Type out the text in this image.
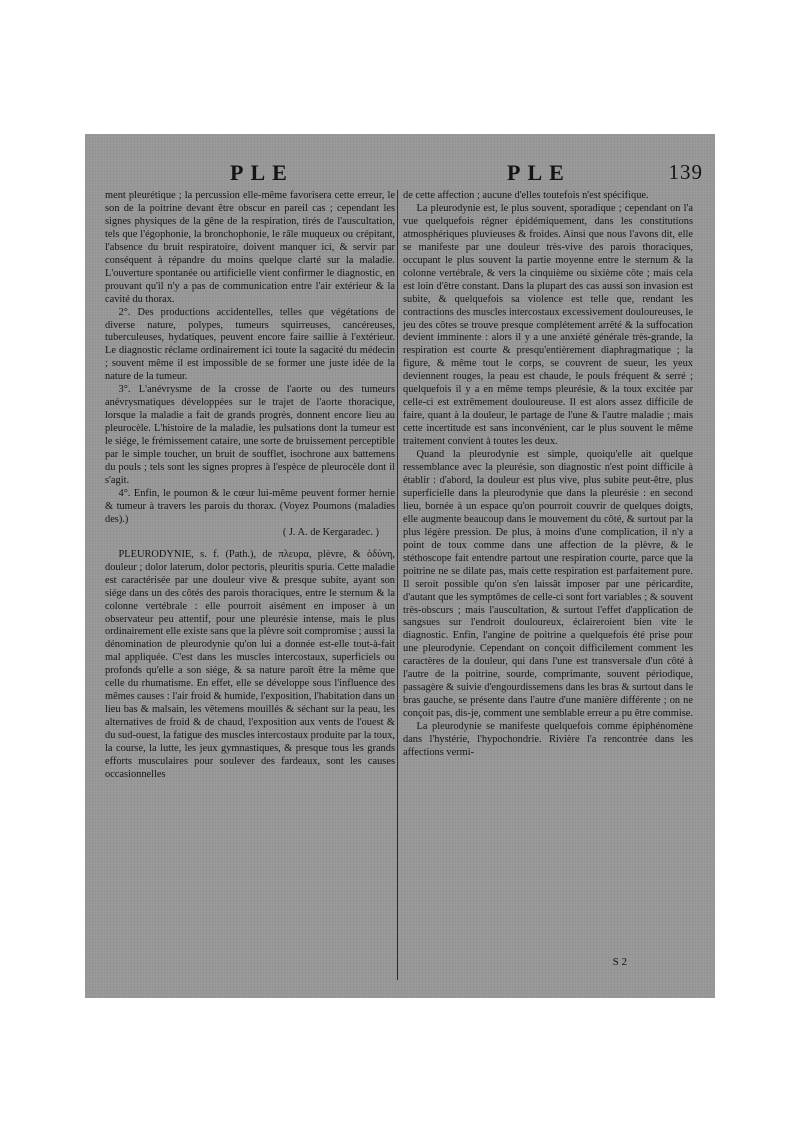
PLE	PLE	139

ment pleurétique ; la percussion elle-même favorisera cette erreur, le son de la poitrine devant être obscur en pareil cas ; cependant les signes physiques de la gêne de la respiration, tirés de l'auscultation, tels que l'égophonie, la bronchophonie, le râle muqueux ou crépitant, l'absence du bruit respiratoire, doivent manquer ici, & servir par conséquent à répandre du moins quelque clarté sur la maladie. L'ouverture spontanée ou artificielle vient confirmer le diagnostic, en prouvant qu'il n'y a pas de communication entre l'air extérieur & la cavité du thorax.

2°. Des productions accidentelles, telles que végétations de diverse nature, polypes, tumeurs squirreuses, cancéreuses, tuberculeuses, hydatiques, peuvent encore faire saillie à l'extérieur. Le diagnostic réclame ordinairement ici toute la sagacité du médecin ; souvent même il est impossible de se former une juste idée de la nature de la tumeur.

3°. L'anévrysme de la crosse de l'aorte ou des tumeurs anévrysmatiques développées sur le trajet de l'aorte thoracique, lorsque la maladie a fait de grands progrès, donnent encore lieu au pleurocèle. L'histoire de la maladie, les pulsations dont la tumeur est le siége, le frémissement cataire, une sorte de bruissement perceptible par le simple toucher, un bruit de soufflet, isochrone aux battemens du pouls ; tels sont les signes propres à l'espèce de pleurocèle dont il s'agit.

4°. Enfin, le poumon & le cœur lui-même peuvent former hernie & tumeur à travers les parois du thorax. (Voyez Poumons (maladies des).)

( J. A. de Kergaradec. )

PLEURODYNIE, s. f. (Path.), de πλευρα, plèvre, & ὀδύνη, douleur ; dolor laterum, dolor pectoris, pleuritis spuria. Cette maladie est caractérisée par une douleur vive & presque subite, ayant son siége dans un des côtés des parois thoraciques, entre le sternum & la colonne vertébrale : elle pourroit aisément en imposer à un observateur peu attentif, pour une pleurésie intense, mais le plus ordinairement elle existe sans que la plèvre soit compromise ; aussi la dénomination de pleurodynie qu'on lui a donnée est-elle tout-à-fait mal appliquée. C'est dans les muscles intercostaux, superficiels ou profonds qu'elle a son siége, & sa nature paroît être la même que celle du rhumatisme. En effet, elle se développe sous l'influence des mêmes causes : l'air froid & humide, l'exposition, l'habitation dans un lieu bas & malsain, les vêtemens mouillés & séchant sur la peau, les alternatives de froid & de chaud, l'exposition aux vents de l'ouest & du sud-ouest, la fatigue des muscles intercostaux produite par la toux, la course, la lutte, les jeux gymnastiques, & presque tous les grands efforts musculaires pour soulever des fardeaux, sont les causes occasionnelles

de cette affection ; aucune d'elles toutefois n'est spécifique.

La pleurodynie est, le plus souvent, sporadique ; cependant on l'a vue quelquefois régner épidémiquement, dans les constitutions atmosphériques pluvieuses & froides. Ainsi que nous l'avons dit, elle se manifeste par une douleur très-vive des parois thoraciques, occupant le plus souvent la partie moyenne entre le sternum & la colonne vertébrale, & vers la cinquième ou sixième côte ; mais cela est loin d'être constant. Dans la plupart des cas aussi son invasion est subite, & quelquefois sa violence est telle que, rendant les contractions des muscles intercostaux excessivement douloureuses, le jeu des côtes se trouve presque complétement arrêté & la suffocation devient imminente : alors il y a une anxiété générale très-grande, la respiration est courte & presqu'entièrement diaphragmatique ; la figure, & même tout le corps, se couvrent de sueur, les yeux deviennent rouges, la peau est chaude, le pouls fréquent & serré ; quelquefois il y a en même temps pleurésie, & la toux excitée par celle-ci est extrêmement douloureuse. Il est alors assez difficile de faire, quant à la douleur, le partage de l'une & l'autre maladie ; mais cette incertitude est sans inconvénient, car le plus souvent le même traitement convient à toutes les deux.

Quand la pleurodynie est simple, quoiqu'elle ait quelque ressemblance avec la pleurésie, son diagnostic n'est point difficile à établir : d'abord, la douleur est plus vive, plus subite peut-être, plus superficielle dans la pleurodynie que dans la pleurésie : en second lieu, bornée à un espace qu'on pourroit couvrir de quelques doigts, elle augmente beaucoup dans le mouvement du côté, & surtout par la plus légère pression. De plus, à moins d'une complication, il n'y a point de toux comme dans une affection de la plèvre, & le stéthoscope fait entendre partout une respiration courte, parce que la poitrine ne se dilate pas, mais cette respiration est parfaitement pure. Il seroit possible qu'on s'en laissât imposer par une péricardite, d'autant que les symptômes de celle-ci sont fort variables ; & souvent très-obscurs ; mais l'auscultation, & surtout l'effet d'application de sangsues sur l'endroit douloureux, éclaireroient bien vite le diagnostic. Enfin, l'angine de poitrine a quelquefois été prise pour une pleurodynie. Cependant on conçoit difficilement comment les caractères de la douleur, qui dans l'une est transversale d'un côté à l'autre de la poitrine, sourde, comprimante, souvent périodique, passagère & suivie d'engourdissemens dans les bras & surtout dans le bras gauche, se présente dans l'autre d'une manière différente ; on ne conçoit pas, dis-je, comment une semblable erreur a pu être commise.

La pleurodynie se manifeste quelquefois comme épiphénomène dans l'hystérie, l'hypochondrie. Rivière l'a rencontrée dans les affections vermi-

S 2
